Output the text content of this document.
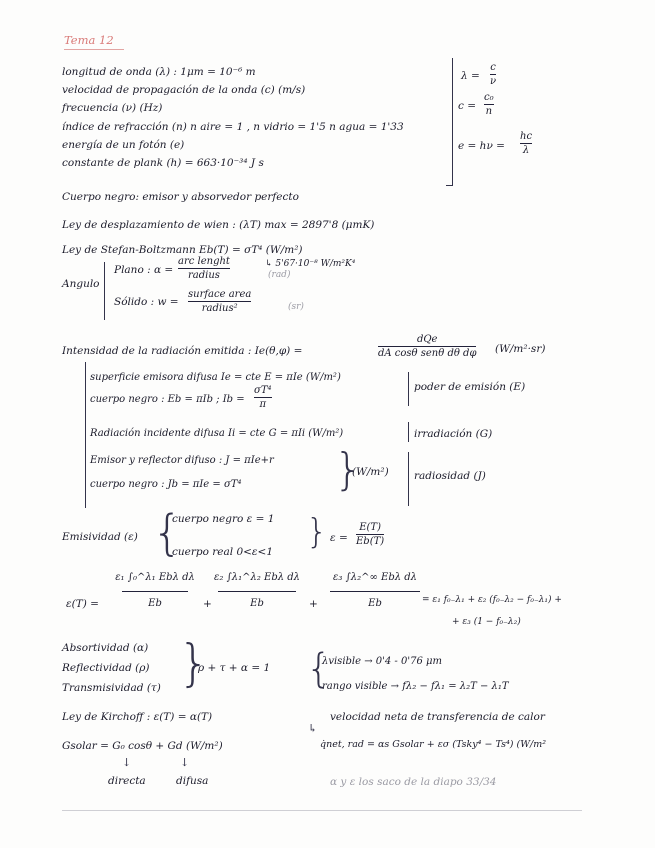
Tema 12
longitud de onda (λ) : 1μm = 10⁻⁶ m
velocidad de propagación de la onda (c) (m/s)
frecuencia (ν) (Hz)
índice de refracción (n) n aire = 1 , n vidrio = 1'5 n agua = 1'33
energía de un fotón (e)
constante de plank (h) = 663·10⁻³⁴ J s
λ =
c
ν
c =
c₀
n
e = hν =
hc
λ
Cuerpo negro: emisor y absorvedor perfecto
Ley de desplazamiento de wien : (λT) max = 2897'8 (μmK)
Ley de Stefan-Boltzmann Eb(T) = σT⁴ (W/m²)
↳ 5'67·10⁻⁸ W/m²K⁴
Angulo
Plano : α =
arc lenght
radius	(rad)
Sólido : w =
surface area
radius²	(sr)
Intensidad de la radiación emitida : Ie(θ,φ) =
dQe
dA cosθ senθ dθ dφ (W/m²·sr)
superficie emisora difusa Ie = cte E = πIe (W/m²)
cuerpo negro : Eb = πIb ; Ib =
σT⁴
π
poder de emisión (E)
Radiación incidente difusa Ii = cte G = πIi (W/m²)	irradiación (G)
Emisor y reflector difuso : J = πIe+r
cuerpo negro : Jb = πIe = σT⁴ }
(W/m²) radiosidad (J)
Emisividad (ε) {
cuerpo negro ε = 1
cuerpo real 0<ε<1 } ε =
E(T)
Eb(T)
ε(T) =
ε₁ ∫₀^λ₁ Ebλ dλ
Eb	+
ε₂ ∫λ₁^λ₂ Ebλ dλ
Eb	+
ε₃ ∫λ₂^∞ Ebλ dλ
Eb	= ε₁ f₀₋λ₁ + ε₂ (f₀₋λ₂ − f₀₋λ₁) +
+ ε₃ (1 − f₀₋λ₂)
Absortividad (α)
Reflectividad (ρ)
Transmisividad (τ) }
ρ + τ + α = 1 {
λvisible → 0'4 - 0'76 μm
rango visible → fλ₂ − fλ₁ = λ₂T − λ₁T
Ley de Kirchoff : ε(T) = α(T)	velocidad neta de transferencia de calor
↳
Gsolar = G₀ cosθ + Gd (W/m²)	q̇net, rad = αs Gsolar + εσ (Tsky⁴ − Ts⁴) (W/m²
↓	↓
directa	difusa	α y ε los saco de la diapo 33/34
